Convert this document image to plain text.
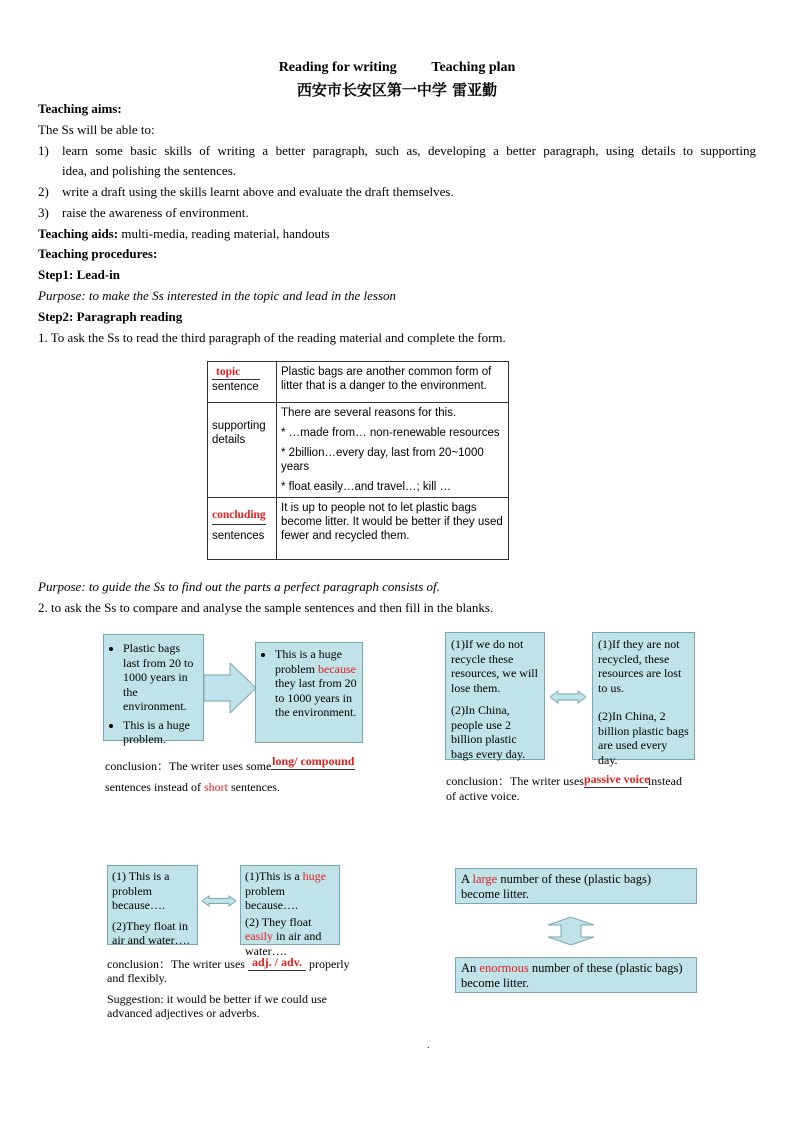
Reading for writing          Teaching plan
西安市长安区第一中学 雷亚勤
Teaching aims:
The Ss will be able to:
1) learn some basic skills of writing a better paragraph, such as, developing a better paragraph, using details to supporting
idea, and polishing the sentences.
2) write a draft using the skills learnt above and evaluate the draft themselves.
3) raise the awareness of environment.
Teaching aids: multi-media, reading material, handouts
Teaching procedures:
Step1: Lead-in
Purpose: to make the Ss interested in the topic and lead in the lesson
Step2: Paragraph reading
1. To ask the Ss to read the third paragraph of the reading material and complete the form.
topic
sentence	Plastic bags are another common form of litter that is a danger to the environment.
supporting details	There are several reasons for this.
* …made from… non-renewable resources
* 2billion…every day, last from 20~1000 years
* float easily…and travel…; kill …

concluding
sentences	It is up to people not to let plastic bags become litter. It would be better if they used fewer and recycled them.
Purpose: to guide the Ss to find out the parts a perfect paragraph consists of.
2. to ask the Ss to compare and analyse the sample sentences and then fill in the blanks.
• Plastic bags last from 20 to 1000 years in the environment.
• This is a huge problem.
• This is a huge problem because they last from 20 to 1000 years in the environment.
conclusion：The writer uses somelong/ compound
sentences instead of short sentences.
(1)If we do not recycle these resources, we will lose them.
(2)In China, people use 2 billion plastic bags every day.
(1)If they are not recycled, these resources are lost to us.
(2)In China, 2 billion plastic bags are used every day.
conclusion：The writer usespassive voiceinstead
of active voice.
(1) This is a problem because….
(2)They float in air and water….
(1)This is a huge problem because….
(2) They float easily in air and water….
conclusion：The writer uses adj. / adv. properly
and flexibly.
Suggestion: it would be better if we could use
advanced adjectives or adverbs.
A large number of these (plastic bags) become litter.
An enormous number of these (plastic bags) become litter.
.
